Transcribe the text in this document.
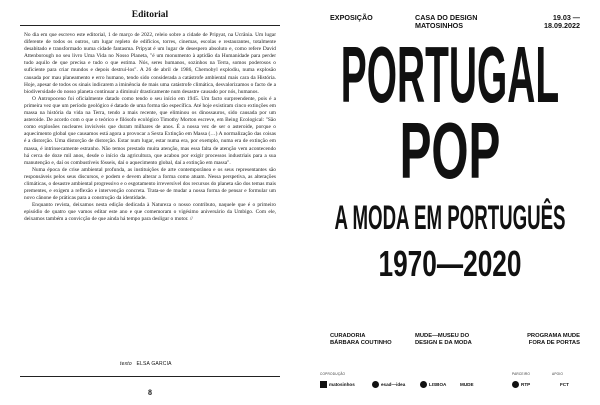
Editorial

No dia em que escrevo este editorial, 1 de março de 2022, releio sobre a cidade de Pripyat, na Ucrânia. Um lugar diferente de todos os outros, um lugar repleto de edifícios, torres, cinemas, escolas e restaurantes, totalmente desabitado e transformado numa cidade fantasma. Pripyat é um lugar de desespero absoluto e, como refere David Attenborough no seu livro Uma Vida no Nosso Planeta, "é um monumento à aptidão da Humanidade para perder tudo aquilo de que precisa e tudo o que estima. Nós, seres humanos, sozinhos na Terra, somos poderosos o suficiente para criar mundos e depois destruí-los". A 26 de abril de 1986, Chernobyl explodiu, numa explosão causada por mau planeamento e erro humano, tendo sido considerada a catástrofe ambiental mais cara da História. Hoje, apesar de todos os sinais indicarem a iminência de mais uma catástrofe climática, desvalorizamos o facto de a biodiversidade do nosso planeta continuar a diminuir drasticamente num desastre causado por nós, humanos.

O Antropoceno foi oficialmente datado como tendo o seu início em 1945. Um facto surpreendente, pois é a primeira vez que um período geológico é datado de uma forma tão específica. Até hoje existiram cinco extinções em massa na história da vida na Terra, tendo a mais recente, que eliminou os dinossauros, sido causada por um asteroide. De acordo com o que o teórico e filósofo ecológico Timothy Morton escreve, em Being Ecological: "São como explosões nucleares invisíveis que duram milhares de anos. É a nossa vez de ser o asteroide, porque o aquecimento global que causamos está agora a provocar a Sexta Extinção em Massa (…) A normalização das coisas é a distorção. Uma distorção de distorção. Estar num lugar, estar numa era, por exemplo, numa era de extinção em massa, é intrinsecamente estranho. Não temos prestado muita atenção, mas essa falta de atenção vem acontecendo há cerca de doze mil anos, desde o início da agricultura, que acabou por exigir processos industriais para a sua manutenção e, daí os combustíveis fósseis, daí o aquecimento global, daí a extinção em massa".

Numa época de crise ambiental profunda, as instituições de arte contemporânea e os seus representantes são responsáveis pelos seus discursos, e podem e devem alterar a forma como atuam. Nessa perspetiva, as alterações climáticas, o desastre ambiental progressivo e o esgotamento irreversível dos recursos do planeta são dos temas mais prementes, e exigem a reflexão e intervenção concreta. Trata-se de mudar a nossa forma de pensar e formular um novo cânone de práticas para a construção da identidade.

Enquanto revista, deixamos nesta edição dedicada à Natureza o nosso contributo, naquele que é o primeiro episódio de quatro que vamos editar este ano e que comemoram o vigésimo aniversário da Umbigo. Com ele, deixamos também a convicção de que ainda há tempo para desligar o motor. //

texto ELSA GARCIA
8
EXPOSIÇÃO	CASA DO DESIGN
MATOSINHOS
19.03 —
18.09.2022
PORTUGAL
POP
A MODA EM PORTUGUÊS
1970—2020
CURADORIA
BÁRBARA COUTINHO
MUDE—MUSEU DO
DESIGN E DA MODA
PROGRAMA MUDE
FORA DE PORTAS
COPRODUÇÃO	PARCEIRO	APOIO
matosinhos	esad—idea	LISBOA	MUDE	RTP	FCT
